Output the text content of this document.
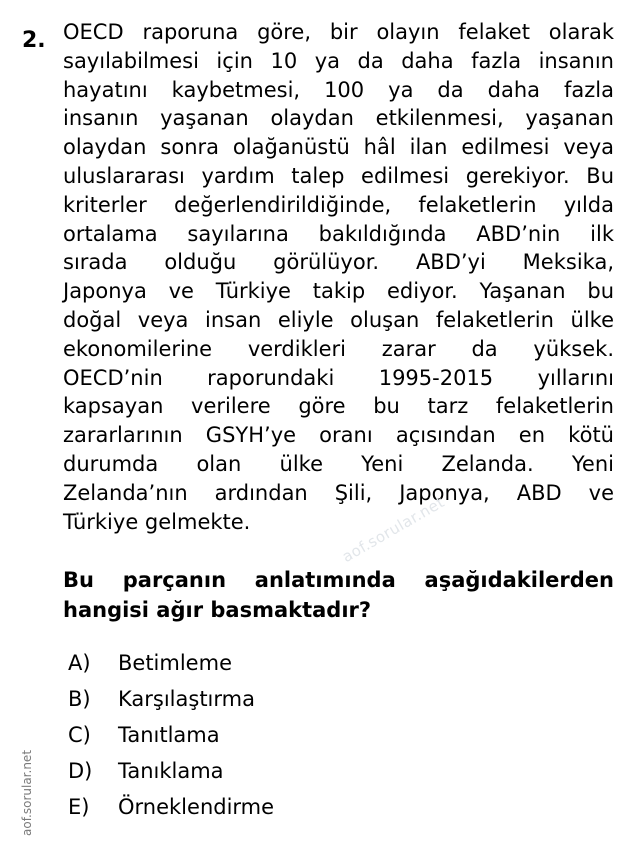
2. OECD raporuna göre, bir olayın felaket olarak
sayılabilmesi için 10 ya da daha fazla insanın
hayatını kaybetmesi, 100 ya da daha fazla
insanın yaşanan olaydan etkilenmesi, yaşanan
olaydan sonra olağanüstü hâl ilan edilmesi veya
uluslararası yardım talep edilmesi gerekiyor. Bu
kriterler değerlendirildiğinde, felaketlerin yılda
ortalama sayılarına bakıldığında ABD’nin ilk
sırada olduğu görülüyor. ABD’yi Meksika,
Japonya ve Türkiye takip ediyor. Yaşanan bu
doğal veya insan eliyle oluşan felaketlerin ülke
ekonomilerine verdikleri zarar da yüksek.
OECD’nin raporundaki 1995-2015 yıllarını
kapsayan verilere göre bu tarz felaketlerin
zararlarının GSYH’ye oranı açısından en kötü
durumda olan ülke Yeni Zelanda. Yeni
Zelanda’nın ardından Şili, Japonya, ABD ve
Türkiye gelmekte.
Bu parçanın anlatımında aşağıdakilerden
hangisi ağır basmaktadır?
A) Betimleme
B) Karşılaştırma
C) Tanıtlama
D) Tanıklama
E) Örneklendirme
aof.sorular.net
aof.sorular.net
